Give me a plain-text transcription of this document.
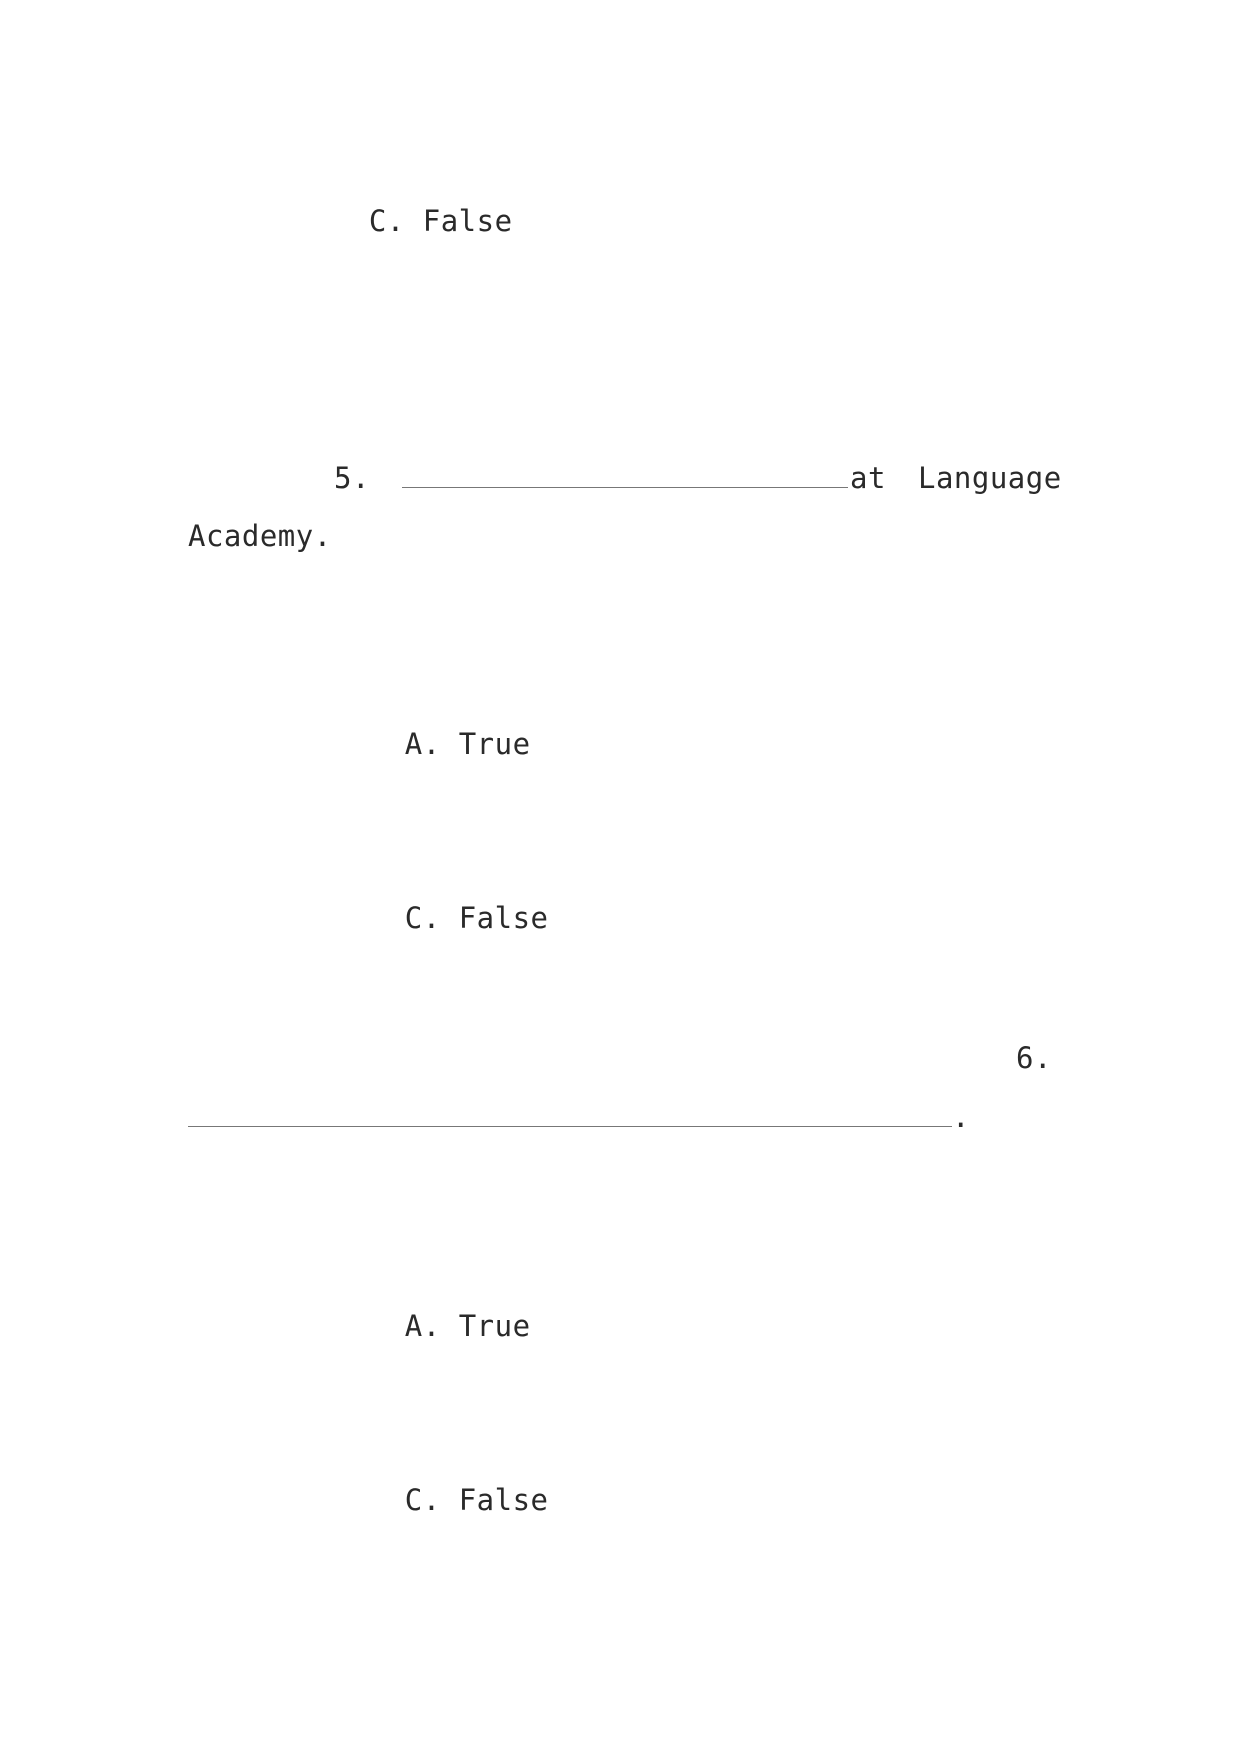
C. False

5.	at Language
Academy.

A. True

C. False

6.
.

A. True

C. False
